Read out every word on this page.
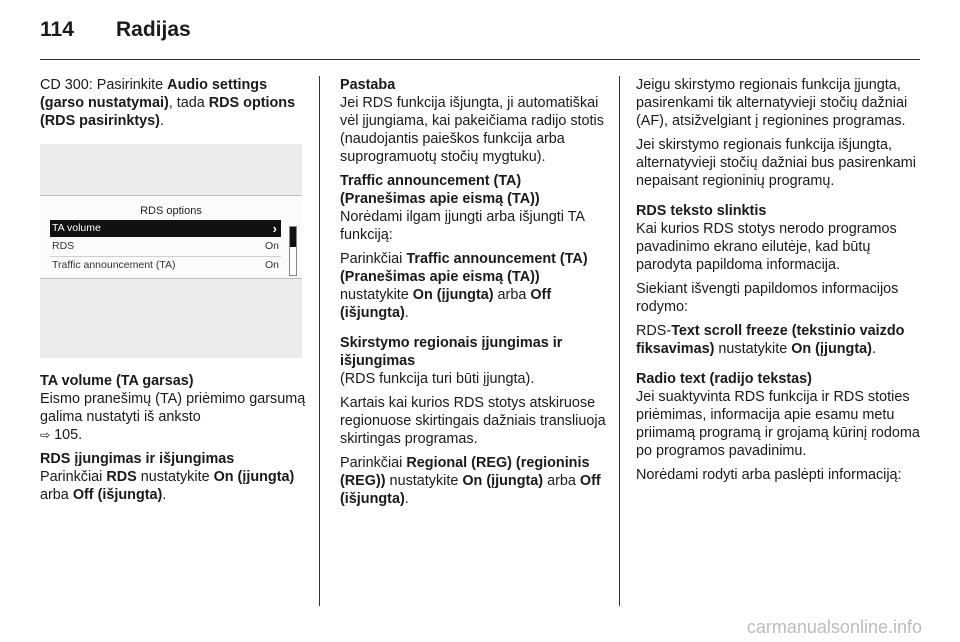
114 Radijas

CD 300: Pasirinkite Audio settings (garso nustatymai), tada RDS options (RDS pasirinktys).

RDS options
TA volume	›
RDS	On
Traffic announcement (TA)	On

TA volume (TA garsas)

Eismo pranešimų (TA) priėmimo garsumą galima nustatyti iš anksto
⇨ 105.

RDS įjungimas ir išjungimas

Parinkčiai RDS nustatykite On (įjungta) arba Off (išjungta).

Pastaba

Jei RDS funkcija išjungta, ji automatiškai vėl įjungiama, kai pakeičiama radijo stotis (naudojantis paieškos funkcija arba suprogramuotų stočių mygtuku).

Traffic announcement (TA) (Pranešimas apie eismą (TA))

Norėdami ilgam įjungti arba išjungti TA funkciją:

Parinkčiai Traffic announcement (TA) (Pranešimas apie eismą (TA)) nustatykite On (įjungta) arba Off (išjungta).

Skirstymo regionais įjungimas ir išjungimas

(RDS funkcija turi būti įjungta).

Kartais kai kurios RDS stotys atskiruose regionuose skirtingais dažniais transliuoja skirtingas programas.

Parinkčiai Regional (REG) (regioninis (REG)) nustatykite On (įjungta) arba Off (išjungta).

Jeigu skirstymo regionais funkcija įjungta, pasirenkami tik alternatyvieji stočių dažniai (AF), atsižvelgiant į regionines programas.

Jei skirstymo regionais funkcija išjungta, alternatyvieji stočių dažniai bus pasirenkami nepaisant regioninių programų.

RDS teksto slinktis

Kai kurios RDS stotys nerodo programos pavadinimo ekrano eilutėje, kad būtų parodyta papildoma informacija.

Siekiant išvengti papildomos informacijos rodymo:

RDS-Text scroll freeze (tekstinio vaizdo fiksavimas) nustatykite On (įjungta).

Radio text (radijo tekstas)

Jei suaktyvinta RDS funkcija ir RDS stoties priėmimas, informacija apie esamu metu priimamą programą ir grojamą kūrinį rodoma po programos pavadinimu.

Norėdami rodyti arba paslėpti informaciją:

carmanualsonline.info
